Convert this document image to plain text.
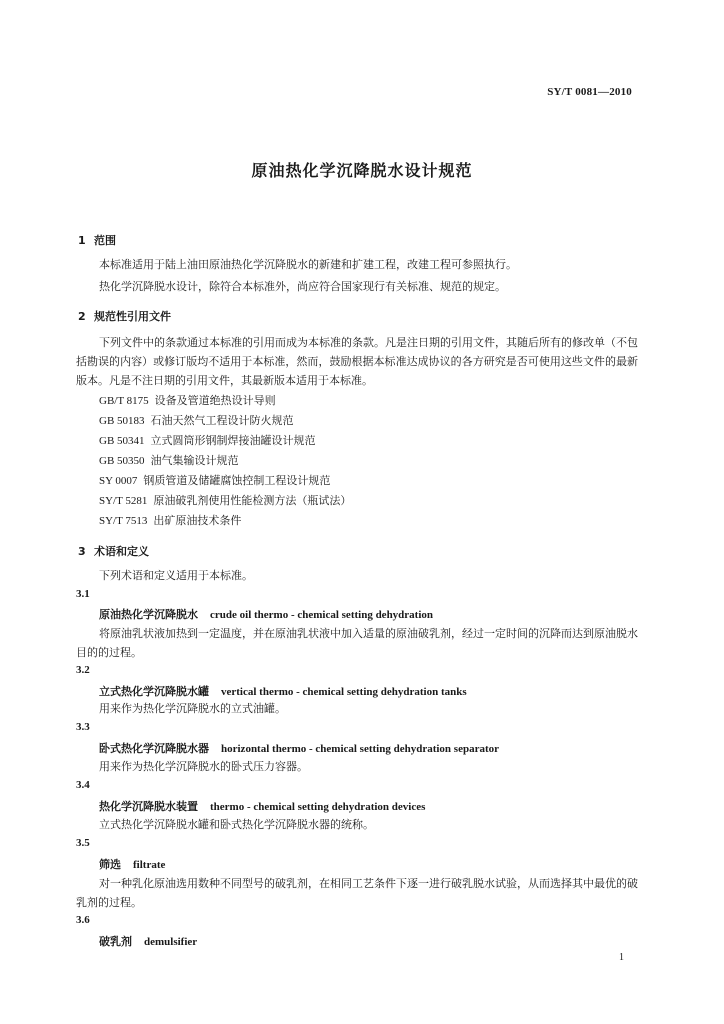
SY/T 0081—2010
原油热化学沉降脱水设计规范
1 范围
本标准适用于陆上油田原油热化学沉降脱水的新建和扩建工程，改建工程可参照执行。
热化学沉降脱水设计，除符合本标准外，尚应符合国家现行有关标准、规范的规定。
2 规范性引用文件
下列文件中的条款通过本标准的引用而成为本标准的条款。凡是注日期的引用文件，其随后所有的修改单（不包括勘误的内容）或修订版均不适用于本标准，然而，鼓励根据本标准达成协议的各方研究是否可使用这些文件的最新版本。凡是不注日期的引用文件，其最新版本适用于本标准。
GB/T 8175 设备及管道绝热设计导则
GB 50183 石油天然气工程设计防火规范
GB 50341 立式圆筒形钢制焊接油罐设计规范
GB 50350 油气集输设计规范
SY 0007 钢质管道及储罐腐蚀控制工程设计规范
SY/T 5281 原油破乳剂使用性能检测方法（瓶试法）
SY/T 7513 出矿原油技术条件
3 术语和定义
下列术语和定义适用于本标准。
3.1
原油热化学沉降脱水 crude oil thermo - chemical setting dehydration
将原油乳状液加热到一定温度，并在原油乳状液中加入适量的原油破乳剂，经过一定时间的沉降而达到原油脱水目的的过程。
3.2
立式热化学沉降脱水罐 vertical thermo - chemical setting dehydration tanks
用来作为热化学沉降脱水的立式油罐。
3.3
卧式热化学沉降脱水器 horizontal thermo - chemical setting dehydration separator
用来作为热化学沉降脱水的卧式压力容器。
3.4
热化学沉降脱水装置 thermo - chemical setting dehydration devices
立式热化学沉降脱水罐和卧式热化学沉降脱水器的统称。
3.5
筛选 filtrate
对一种乳化原油选用数种不同型号的破乳剂，在相同工艺条件下逐一进行破乳脱水试验，从而选择其中最优的破乳剂的过程。
3.6
破乳剂 demulsifier
1
